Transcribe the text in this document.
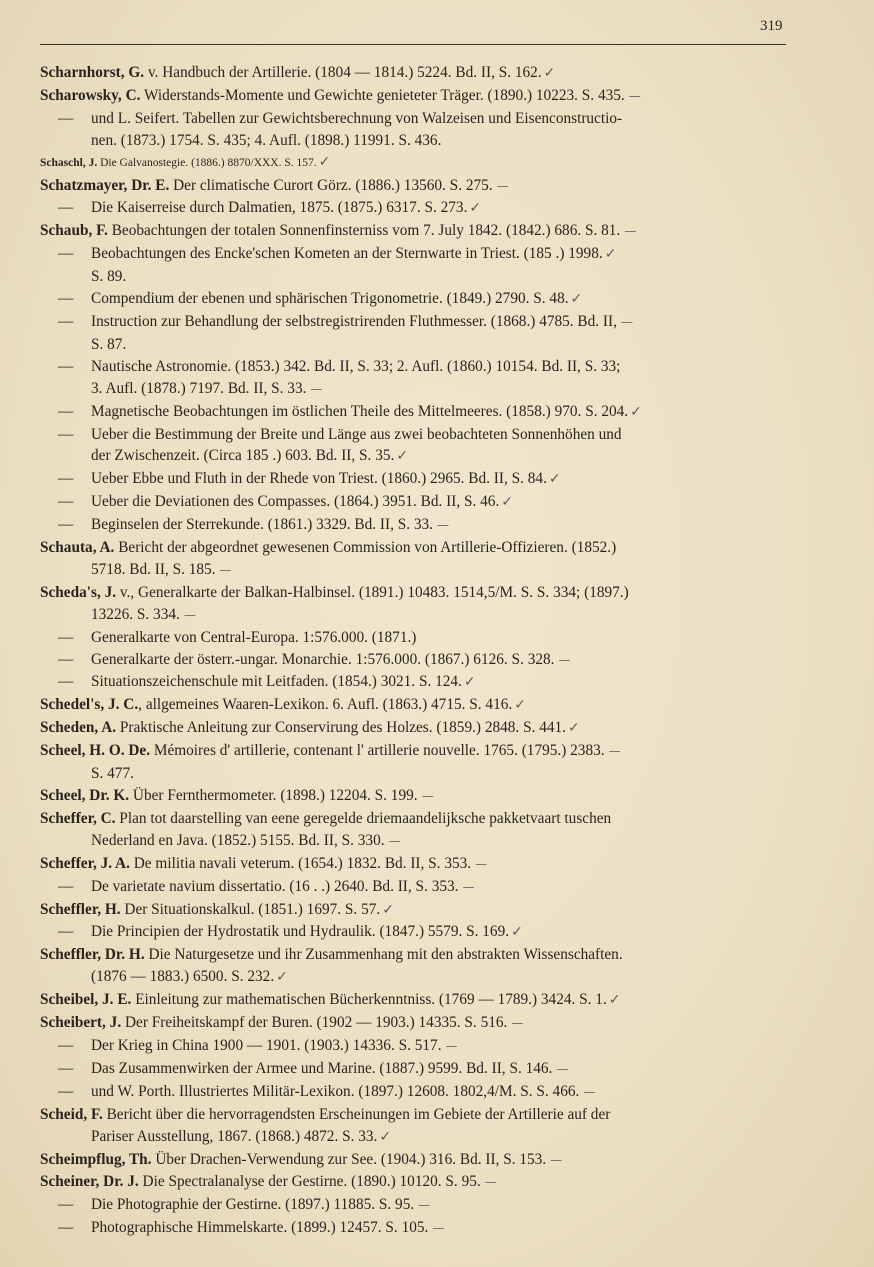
319
Scharnhorst, G. v. Handbuch der Artillerie. (1804 — 1814.) 5224. Bd. II, S. 162. ✓
Scharowsky, C. Widerstands-Momente und Gewichte genieteter Träger. (1890.) 10223. S. 435. —
— und L. Seifert. Tabellen zur Gewichtsberechnung von Walzeisen und Eisenconstructio-
nen. (1873.) 1754. S. 435; 4. Aufl. (1898.) 11991. S. 436.
Schaschl, J. Die Galvanostegie. (1886.) 8870/XXX. S. 157. ✓
Schatzmayer, Dr. E. Der climatische Curort Görz. (1886.) 13560. S. 275. —
— Die Kaiserreise durch Dalmatien, 1875. (1875.) 6317. S. 273. ✓
Schaub, F. Beobachtungen der totalen Sonnenfinsterniss vom 7. July 1842. (1842.) 686. S. 81. —
— Beobachtungen des Encke'schen Kometen an der Sternwarte in Triest. (185 .) 1998. ✓
S. 89.
— Compendium der ebenen und sphärischen Trigonometrie. (1849.) 2790. S. 48. ✓
— Instruction zur Behandlung der selbstregistrirenden Fluthmesser. (1868.) 4785. Bd. II, —
S. 87.
— Nautische Astronomie. (1853.) 342. Bd. II, S. 33; 2. Aufl. (1860.) 10154. Bd. II, S. 33;
3. Aufl. (1878.) 7197. Bd. II, S. 33. —
— Magnetische Beobachtungen im östlichen Theile des Mittelmeeres. (1858.) 970. S. 204. ✓
— Ueber die Bestimmung der Breite und Länge aus zwei beobachteten Sonnenhöhen und
der Zwischenzeit. (Circa 185 .) 603. Bd. II, S. 35. ✓
— Ueber Ebbe und Fluth in der Rhede von Triest. (1860.) 2965. Bd. II, S. 84. ✓
— Ueber die Deviationen des Compasses. (1864.) 3951. Bd. II, S. 46. ✓
— Beginselen der Sterrekunde. (1861.) 3329. Bd. II, S. 33. —
Schauta, A. Bericht der abgeordnet gewesenen Commission von Artillerie-Offizieren. (1852.)
5718. Bd. II, S. 185. —
Scheda's, J. v., Generalkarte der Balkan-Halbinsel. (1891.) 10483. 1514,5/M. S. S. 334; (1897.)
13226. S. 334. —
— Generalkarte von Central-Europa. 1:576.000. (1871.)
— Generalkarte der österr.-ungar. Monarchie. 1:576.000. (1867.) 6126. S. 328. —
— Situationszeichenschule mit Leitfaden. (1854.) 3021. S. 124. ✓
Schedel's, J. C., allgemeines Waaren-Lexikon. 6. Aufl. (1863.) 4715. S. 416. ✓
Scheden, A. Praktische Anleitung zur Conservirung des Holzes. (1859.) 2848. S. 441. ✓
Scheel, H. O. De. Mémoires d' artillerie, contenant l' artillerie nouvelle. 1765. (1795.) 2383. —
S. 477.
Scheel, Dr. K. Über Fernthermometer. (1898.) 12204. S. 199. —
Scheffer, C. Plan tot daarstelling van eene geregelde driemaandelijksche pakketvaart tuschen
Nederland en Java. (1852.) 5155. Bd. II, S. 330. —
Scheffer, J. A. De militia navali veterum. (1654.) 1832. Bd. II, S. 353. —
— De varietate navium dissertatio. (16 . .) 2640. Bd. II, S. 353. —
Scheffler, H. Der Situationskalkul. (1851.) 1697. S. 57. ✓
— Die Principien der Hydrostatik und Hydraulik. (1847.) 5579. S. 169. ✓
Scheffler, Dr. H. Die Naturgesetze und ihr Zusammenhang mit den abstrakten Wissenschaften.
(1876 — 1883.) 6500. S. 232. ✓
Scheibel, J. E. Einleitung zur mathematischen Bücherkenntniss. (1769 — 1789.) 3424. S. 1. ✓
Scheibert, J. Der Freiheitskampf der Buren. (1902 — 1903.) 14335. S. 516. —
— Der Krieg in China 1900 — 1901. (1903.) 14336. S. 517. —
— Das Zusammenwirken der Armee und Marine. (1887.) 9599. Bd. II, S. 146. —
— und W. Porth. Illustriertes Militär-Lexikon. (1897.) 12608. 1802,4/M. S. S. 466. —
Scheid, F. Bericht über die hervorragendsten Erscheinungen im Gebiete der Artillerie auf der
Pariser Ausstellung, 1867. (1868.) 4872. S. 33. ✓
Scheimpflug, Th. Über Drachen-Verwendung zur See. (1904.) 316. Bd. II, S. 153. —
Scheiner, Dr. J. Die Spectralanalyse der Gestirne. (1890.) 10120. S. 95. —
— Die Photographie der Gestirne. (1897.) 11885. S. 95. —
— Photographische Himmelskarte. (1899.) 12457. S. 105. —
